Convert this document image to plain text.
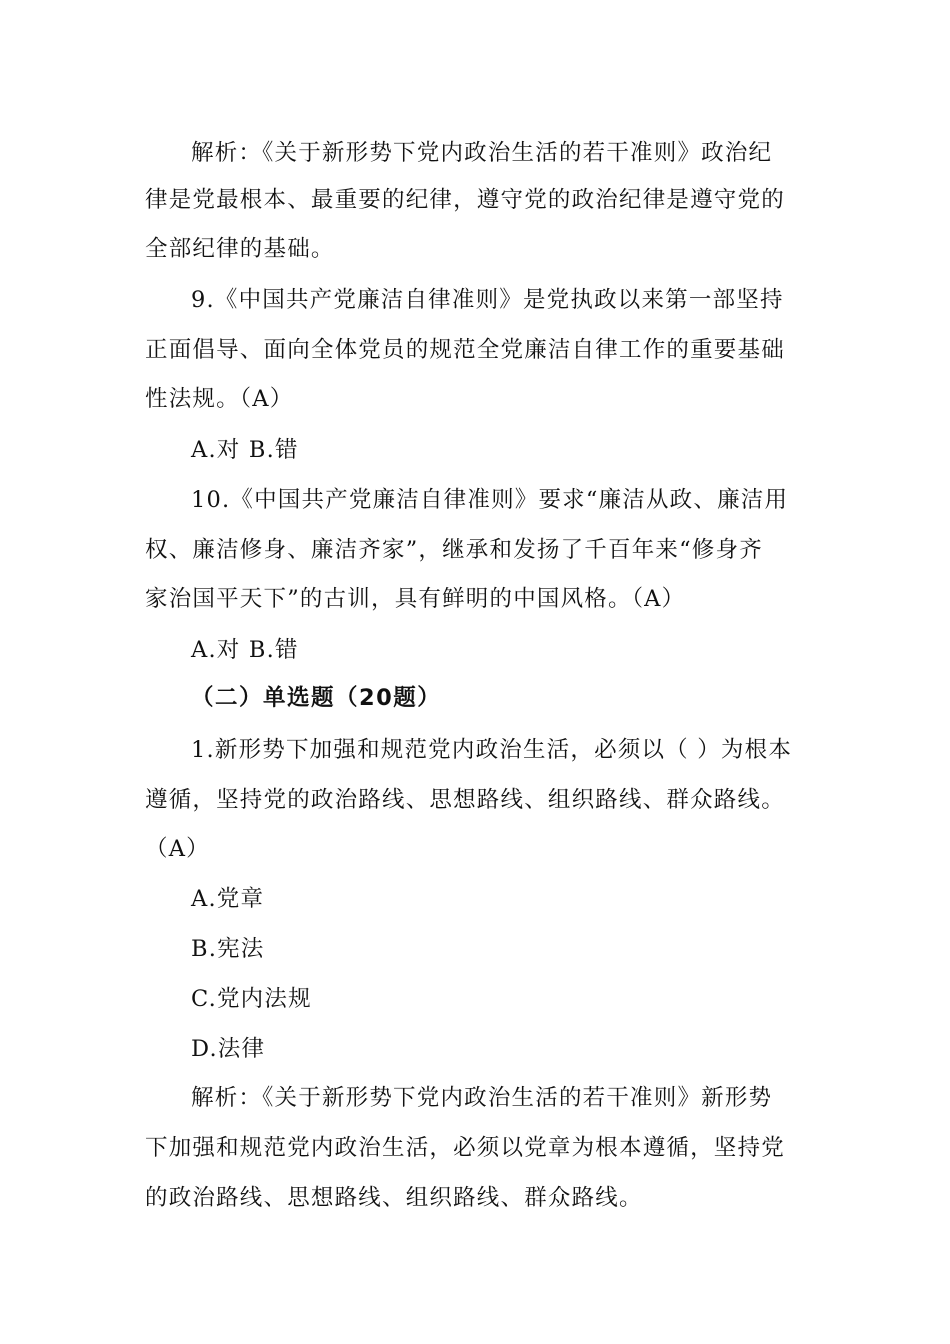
解析：《关于新形势下党内政治生活的若干准则》政治纪
律是党最根本、最重要的纪律，遵守党的政治纪律是遵守党的
全部纪律的基础。
9.《中国共产党廉洁自律准则》是党执政以来第一部坚持
正面倡导、面向全体党员的规范全党廉洁自律工作的重要基础
性法规。（A）
A.对 B.错
10.《中国共产党廉洁自律准则》要求“廉洁从政、廉洁用
权、廉洁修身、廉洁齐家”，继承和发扬了千百年来“修身齐
家治国平天下”的古训，具有鲜明的中国风格。（A）
A.对 B.错
（二）单选题（20题）
1.新形势下加强和规范党内政治生活，必须以（ ）为根本
遵循，坚持党的政治路线、思想路线、组织路线、群众路线。
（A）
A.党章
B.宪法
C.党内法规
D.法律
解析：《关于新形势下党内政治生活的若干准则》新形势
下加强和规范党内政治生活，必须以党章为根本遵循，坚持党
的政治路线、思想路线、组织路线、群众路线。
